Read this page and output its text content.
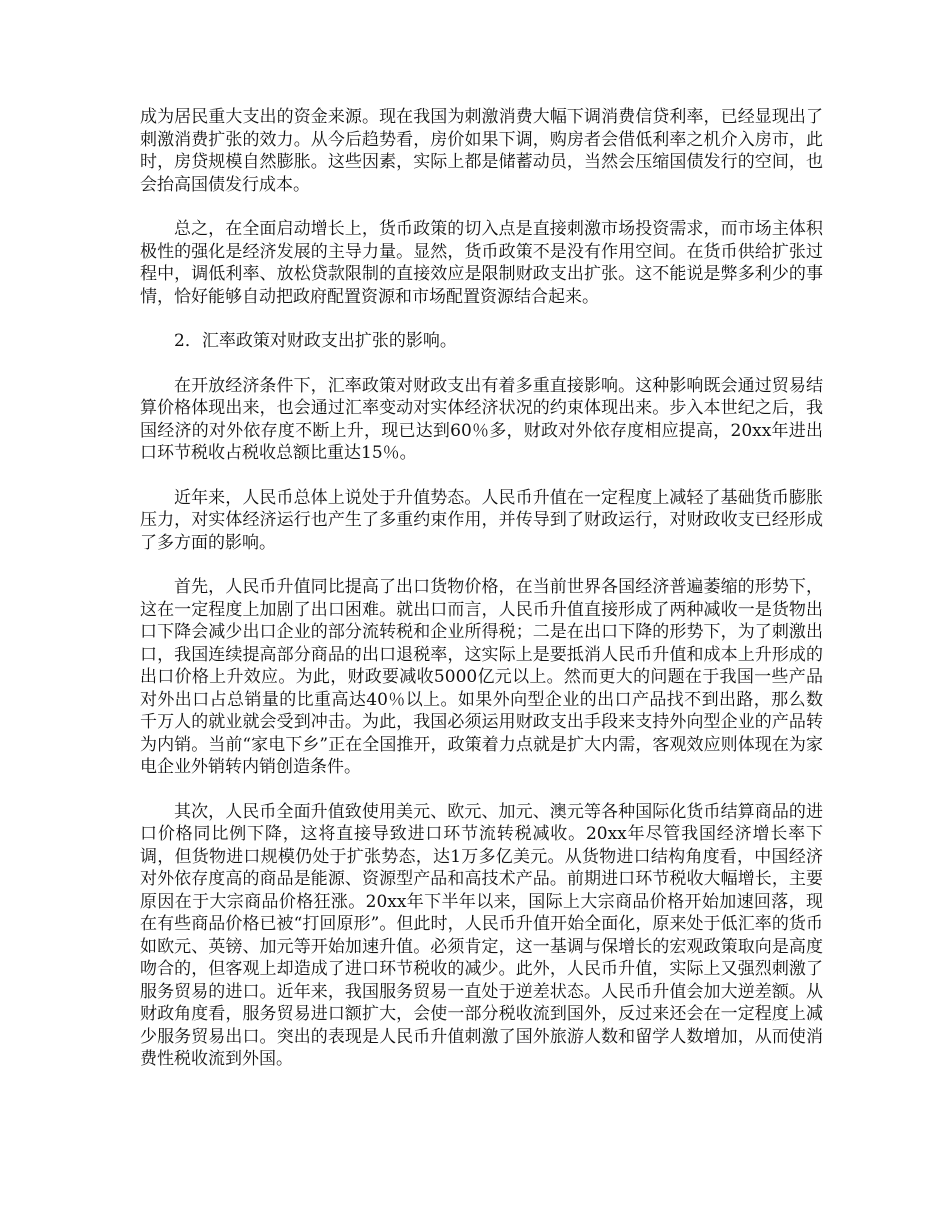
成为居民重大支出的资金来源。现在我国为刺激消费大幅下调消费信贷利率，已经显现出了刺激消费扩张的效力。从今后趋势看，房价如果下调，购房者会借低利率之机介入房市，此时，房贷规模自然膨胀。这些因素，实际上都是储蓄动员，当然会压缩国债发行的空间，也会抬高国债发行成本。

总之，在全面启动增长上，货币政策的切入点是直接刺激市场投资需求，而市场主体积极性的强化是经济发展的主导力量。显然，货币政策不是没有作用空间。在货币供给扩张过程中，调低利率、放松贷款限制的直接效应是限制财政支出扩张。这不能说是弊多利少的事情，恰好能够自动把政府配置资源和市场配置资源结合起来。

2．汇率政策对财政支出扩张的影响。

在开放经济条件下，汇率政策对财政支出有着多重直接影响。这种影响既会通过贸易结算价格体现出来，也会通过汇率变动对实体经济状况的约束体现出来。步入本世纪之后，我国经济的对外依存度不断上升，现已达到60％多，财政对外依存度相应提高，20xx年进出口环节税收占税收总额比重达15％。

近年来，人民币总体上说处于升值势态。人民币升值在一定程度上减轻了基础货币膨胀压力，对实体经济运行也产生了多重约束作用，并传导到了财政运行，对财政收支已经形成了多方面的影响。

首先，人民币升值同比提高了出口货物价格，在当前世界各国经济普遍萎缩的形势下，这在一定程度上加剧了出口困难。就出口而言，人民币升值直接形成了两种减收一是货物出口下降会减少出口企业的部分流转税和企业所得税；二是在出口下降的形势下，为了刺激出口，我国连续提高部分商品的出口退税率，这实际上是要抵消人民币升值和成本上升形成的出口价格上升效应。为此，财政要减收5000亿元以上。然而更大的问题在于我国一些产品对外出口占总销量的比重高达40％以上。如果外向型企业的出口产品找不到出路，那么数千万人的就业就会受到冲击。为此，我国必须运用财政支出手段来支持外向型企业的产品转为内销。当前“家电下乡”正在全国推开，政策着力点就是扩大内需，客观效应则体现在为家电企业外销转内销创造条件。

其次，人民币全面升值致使用美元、欧元、加元、澳元等各种国际化货币结算商品的进口价格同比例下降，这将直接导致进口环节流转税减收。20xx年尽管我国经济增长率下调，但货物进口规模仍处于扩张势态，达1万多亿美元。从货物进口结构角度看，中国经济对外依存度高的商品是能源、资源型产品和高技术产品。前期进口环节税收大幅增长，主要原因在于大宗商品价格狂涨。20xx年下半年以来，国际上大宗商品价格开始加速回落，现在有些商品价格已被“打回原形”。但此时，人民币升值开始全面化，原来处于低汇率的货币如欧元、英镑、加元等开始加速升值。必须肯定，这一基调与保增长的宏观政策取向是高度吻合的，但客观上却造成了进口环节税收的减少。此外，人民币升值，实际上又强烈刺激了服务贸易的进口。近年来，我国服务贸易一直处于逆差状态。人民币升值会加大逆差额。从财政角度看，服务贸易进口额扩大，会使一部分税收流到国外，反过来还会在一定程度上减少服务贸易出口。突出的表现是人民币升值刺激了国外旅游人数和留学人数增加，从而使消费性税收流到外国。
